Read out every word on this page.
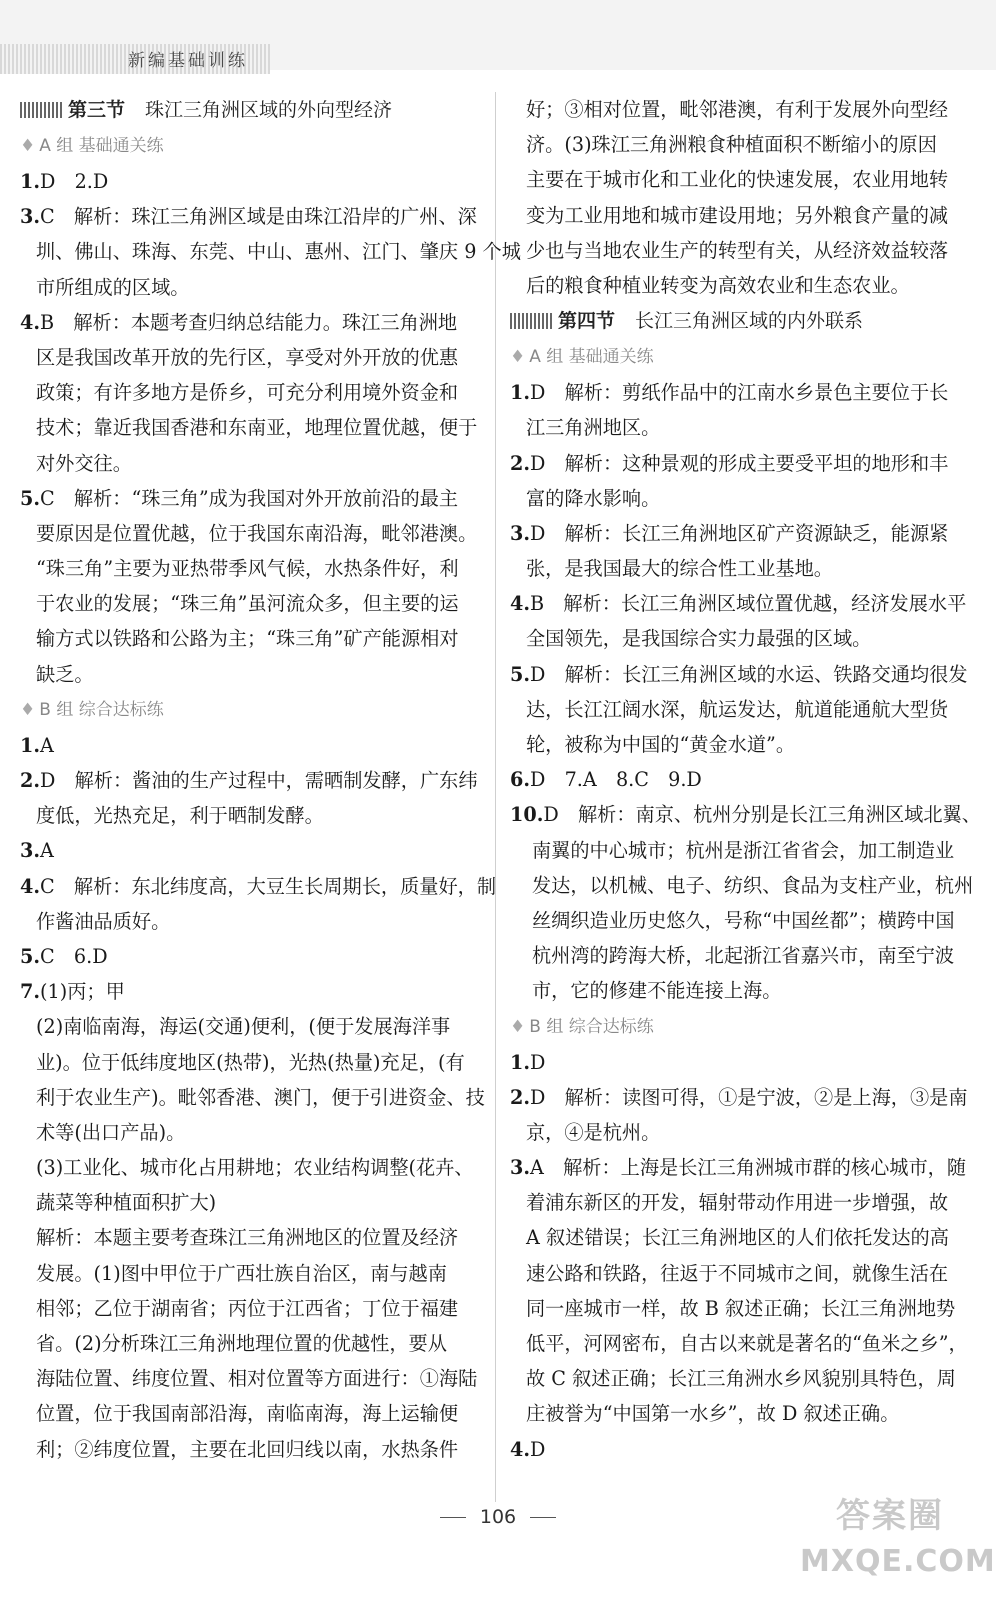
新编基础训练
第三节 珠江三角洲区域的外向型经济
♦ A 组 基础通关练
1.D　2.D
3.C　解析：珠江三角洲区域是由珠江沿岸的广州、深
圳、佛山、珠海、东莞、中山、惠州、江门、肇庆 9 个城
市所组成的区域。
4.B　解析：本题考查归纳总结能力。珠江三角洲地
区是我国改革开放的先行区，享受对外开放的优惠
政策；有许多地方是侨乡，可充分利用境外资金和
技术；靠近我国香港和东南亚，地理位置优越，便于
对外交往。
5.C　解析：“珠三角”成为我国对外开放前沿的最主
要原因是位置优越，位于我国东南沿海，毗邻港澳。
“珠三角”主要为亚热带季风气候，水热条件好，利
于农业的发展；“珠三角”虽河流众多，但主要的运
输方式以铁路和公路为主；“珠三角”矿产能源相对
缺乏。
♦ B 组 综合达标练
1.A
2.D　解析：酱油的生产过程中，需晒制发酵，广东纬
度低，光热充足，利于晒制发酵。
3.A
4.C　解析：东北纬度高，大豆生长周期长，质量好，制
作酱油品质好。
5.C　6.D
7.(1)丙；甲
(2)南临南海，海运(交通)便利，(便于发展海洋事
业)。位于低纬度地区(热带)，光热(热量)充足，(有
利于农业生产)。毗邻香港、澳门，便于引进资金、技
术等(出口产品)。
(3)工业化、城市化占用耕地；农业结构调整(花卉、
蔬菜等种植面积扩大)
解析：本题主要考查珠江三角洲地区的位置及经济
发展。(1)图中甲位于广西壮族自治区，南与越南
相邻；乙位于湖南省；丙位于江西省；丁位于福建
省。(2)分析珠江三角洲地理位置的优越性，要从
海陆位置、纬度位置、相对位置等方面进行：①海陆
位置，位于我国南部沿海，南临南海，海上运输便
利；②纬度位置，主要在北回归线以南，水热条件
好；③相对位置，毗邻港澳，有利于发展外向型经
济。(3)珠江三角洲粮食种植面积不断缩小的原因
主要在于城市化和工业化的快速发展，农业用地转
变为工业用地和城市建设用地；另外粮食产量的减
少也与当地农业生产的转型有关，从经济效益较落
后的粮食种植业转变为高效农业和生态农业。
第四节 长江三角洲区域的内外联系
♦ A 组 基础通关练
1.D　解析：剪纸作品中的江南水乡景色主要位于长
江三角洲地区。
2.D　解析：这种景观的形成主要受平坦的地形和丰
富的降水影响。
3.D　解析：长江三角洲地区矿产资源缺乏，能源紧
张，是我国最大的综合性工业基地。
4.B　解析：长江三角洲区域位置优越，经济发展水平
全国领先，是我国综合实力最强的区域。
5.D　解析：长江三角洲区域的水运、铁路交通均很发
达，长江江阔水深，航运发达，航道能通航大型货
轮，被称为中国的“黄金水道”。
6.D　7.A　8.C　9.D
10.D　解析：南京、杭州分别是长江三角洲区域北翼、
南翼的中心城市；杭州是浙江省省会，加工制造业
发达，以机械、电子、纺织、食品为支柱产业，杭州
丝绸织造业历史悠久，号称“中国丝都”；横跨中国
杭州湾的跨海大桥，北起浙江省嘉兴市，南至宁波
市，它的修建不能连接上海。
♦ B 组 综合达标练
1.D
2.D　解析：读图可得，①是宁波，②是上海，③是南
京，④是杭州。
3.A　解析：上海是长江三角洲城市群的核心城市，随
着浦东新区的开发，辐射带动作用进一步增强，故
A 叙述错误；长江三角洲地区的人们依托发达的高
速公路和铁路，往返于不同城市之间，就像生活在
同一座城市一样，故 B 叙述正确；长江三角洲地势
低平，河网密布，自古以来就是著名的“鱼米之乡”，
故 C 叙述正确；长江三角洲水乡风貌别具特色，周
庄被誉为“中国第一水乡”，故 D 叙述正确。
4.D
106	答案圈
MXQE.COM
